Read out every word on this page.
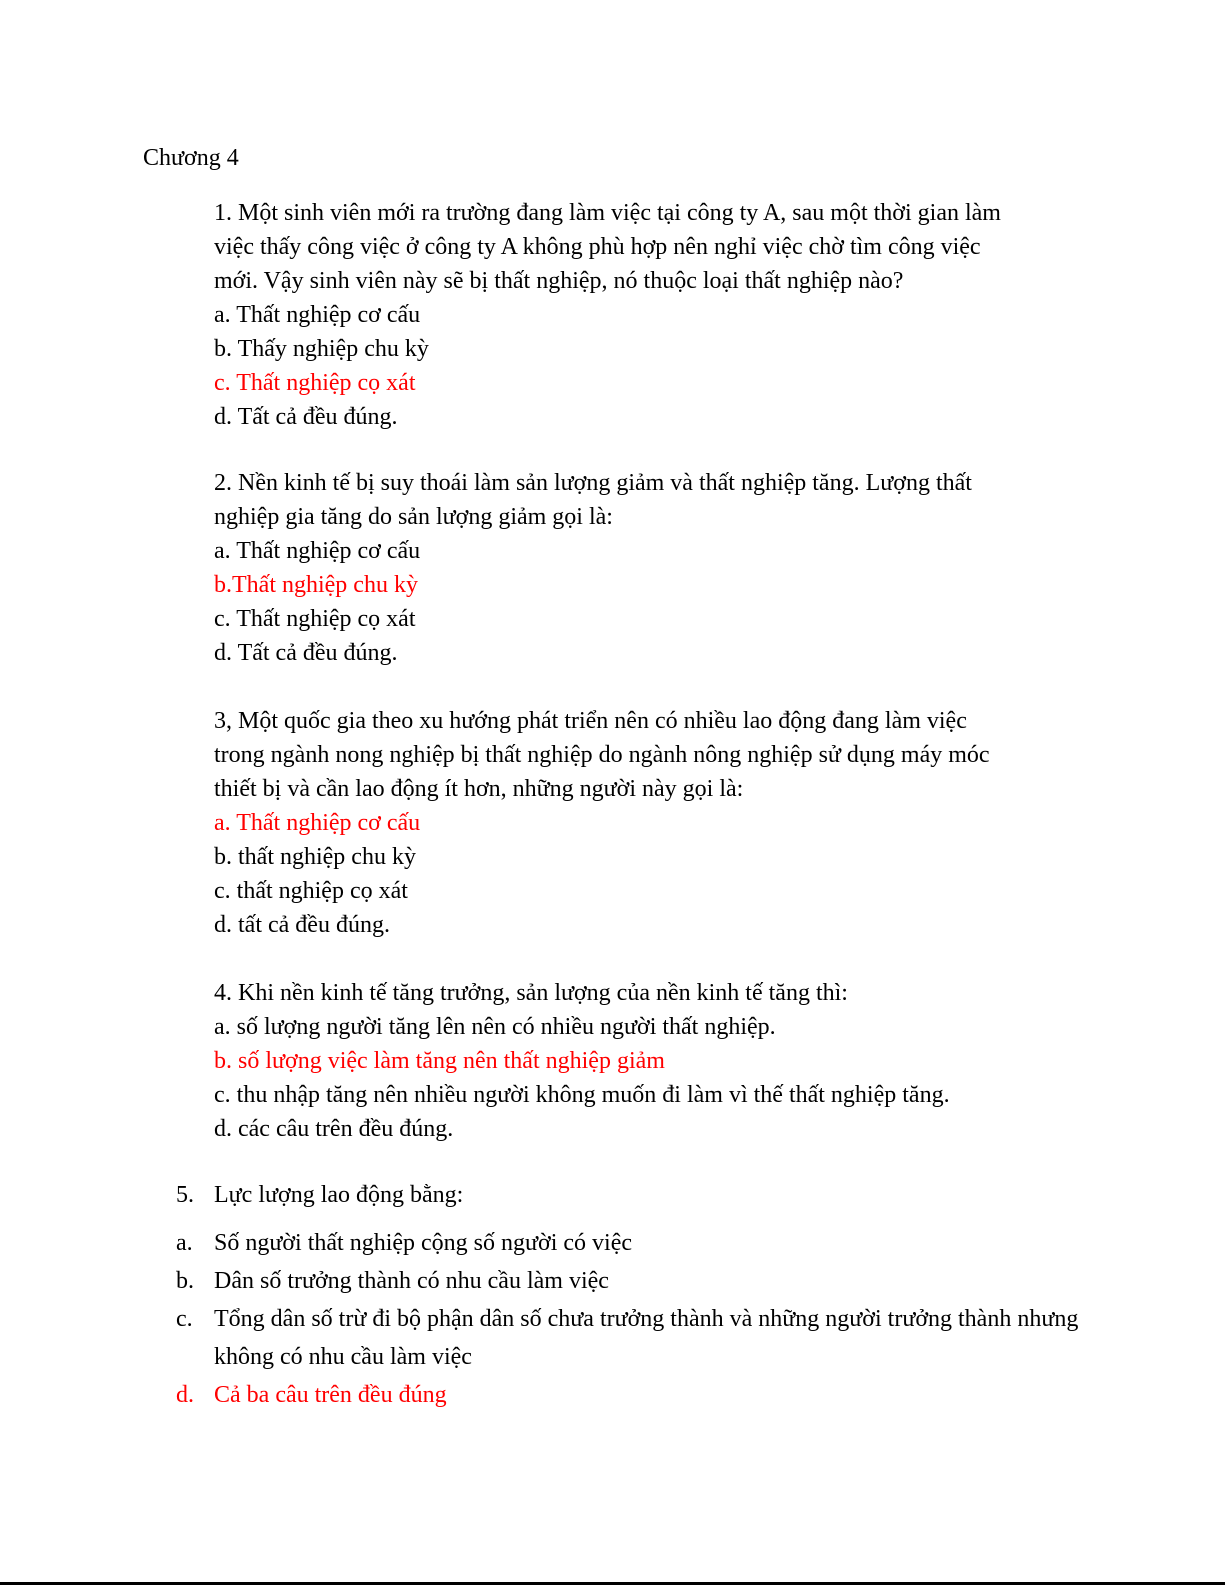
Chương 4
1. Một sinh viên mới ra trường đang làm việc tại công ty A, sau một thời gian làm
việc thấy công việc ở công ty A không phù hợp nên nghỉ việc chờ tìm công việc
mới. Vậy sinh viên này sẽ bị thất nghiệp, nó thuộc loại thất nghiệp nào?
a. Thất nghiệp cơ cấu
b. Thấy nghiệp chu kỳ
c. Thất nghiệp cọ xát
d. Tất cả đều đúng.
2. Nền kinh tế bị suy thoái làm sản lượng giảm và thất nghiệp tăng. Lượng thất
nghiệp gia tăng do sản lượng giảm gọi là:
a. Thất nghiệp cơ cấu
b.Thất nghiệp chu kỳ
c. Thất nghiệp cọ xát
d. Tất cả đều đúng.
3, Một quốc gia theo xu hướng phát triển nên có nhiều lao động đang làm việc
trong ngành nong nghiệp bị thất nghiệp do ngành nông nghiệp sử dụng máy móc
thiết bị và cần lao động ít hơn, những người này gọi là:
a. Thất nghiệp cơ cấu
b. thất nghiệp chu kỳ
c. thất nghiệp cọ xát
d. tất cả đều đúng.
4. Khi nền kinh tế tăng trưởng, sản lượng của nền kinh tế tăng thì:
a. số lượng người tăng lên nên có nhiều người thất nghiệp.
b. số lượng việc làm tăng nên thất nghiệp giảm
c. thu nhập tăng nên nhiều người không muốn đi làm vì thế thất nghiệp tăng.
d. các câu trên đều đúng.
5. Lực lượng lao động bằng:
a. Số người thất nghiệp cộng số người có việc
b. Dân số trưởng thành có nhu cầu làm việc
c. Tổng dân số trừ đi bộ phận dân số chưa trưởng thành và những người trưởng thành nhưng không có nhu cầu làm việc
d. Cả ba câu trên đều đúng
